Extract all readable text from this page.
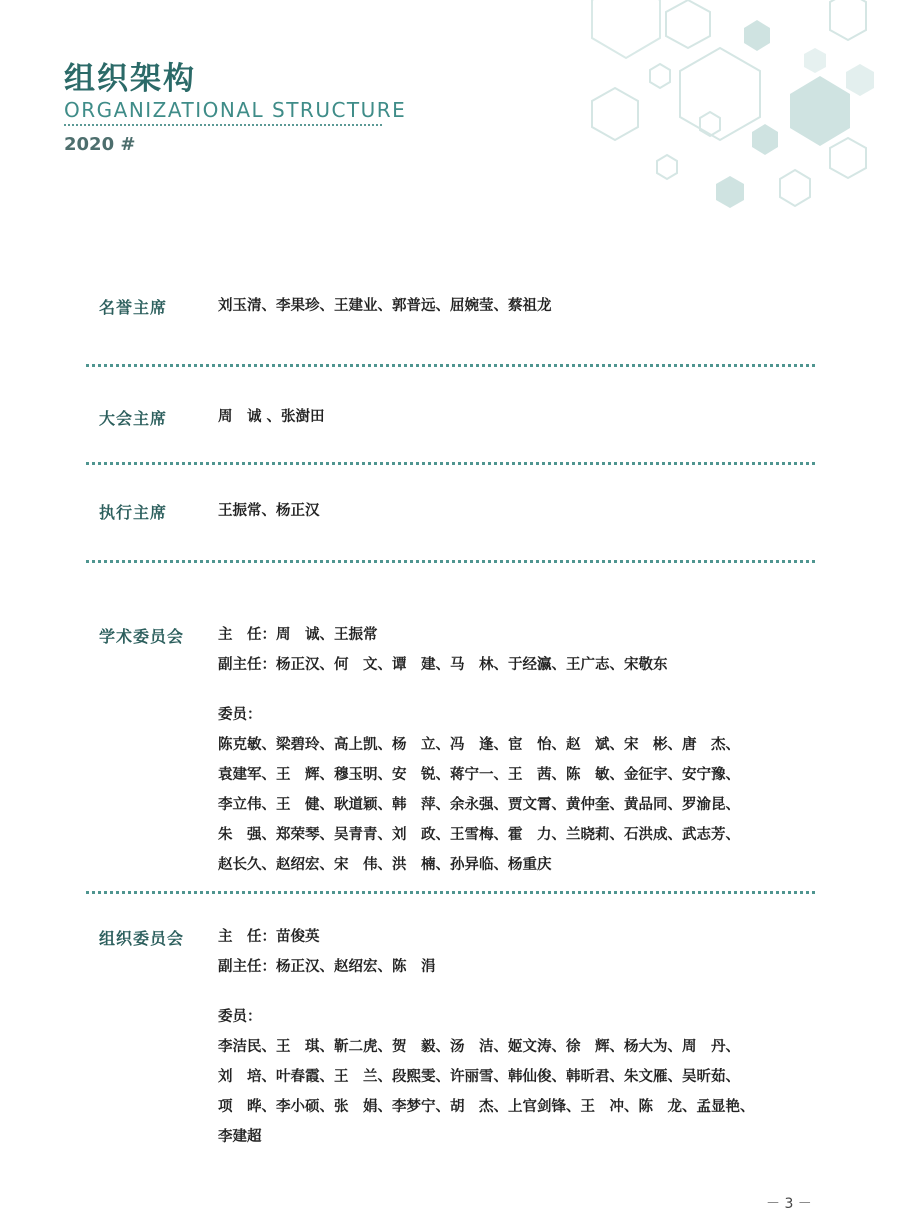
组织架构
ORGANIZATIONAL STRUCTURE
2020 #
名誉主席	刘玉清、李果珍、王建业、郭普远、屈婉莹、蔡祖龙
大会主席	周　诚 、张澍田
执行主席	王振常、杨正汉
学术委员会 主　任：周　诚、王振常
副主任：杨正汉、何　文、谭　建、马　林、于经瀛、王广志、宋敬东
委员：
陈克敏、梁碧玲、高上凯、杨　立、冯　逢、宦　怡、赵　斌、宋　彬、唐　杰、
袁建军、王　辉、穆玉明、安　锐、蒋宁一、王　茜、陈　敏、金征宇、安宁豫、
李立伟、王　健、耿道颖、韩　萍、余永强、贾文霄、黄仲奎、黄品同、罗渝昆、
朱　强、郑荣琴、吴青青、刘　政、王雪梅、霍　力、兰晓莉、石洪成、武志芳、
赵长久、赵绍宏、宋　伟、洪　楠、孙异临、杨重庆
组织委员会 主　任：苗俊英
副主任：杨正汉、赵绍宏、陈　涓
委员：
李洁民、王　琪、靳二虎、贺　毅、汤　洁、姬文涛、徐　辉、杨大为、周　丹、
刘　培、叶春霞、王　兰、段熙雯、许丽雪、韩仙俊、韩昕君、朱文雁、吴昕茹、
项　晔、李小硕、张　娟、李梦宁、胡　杰、上官剑锋、王　冲、陈　龙、孟显艳、
李建超
－ 3 －
